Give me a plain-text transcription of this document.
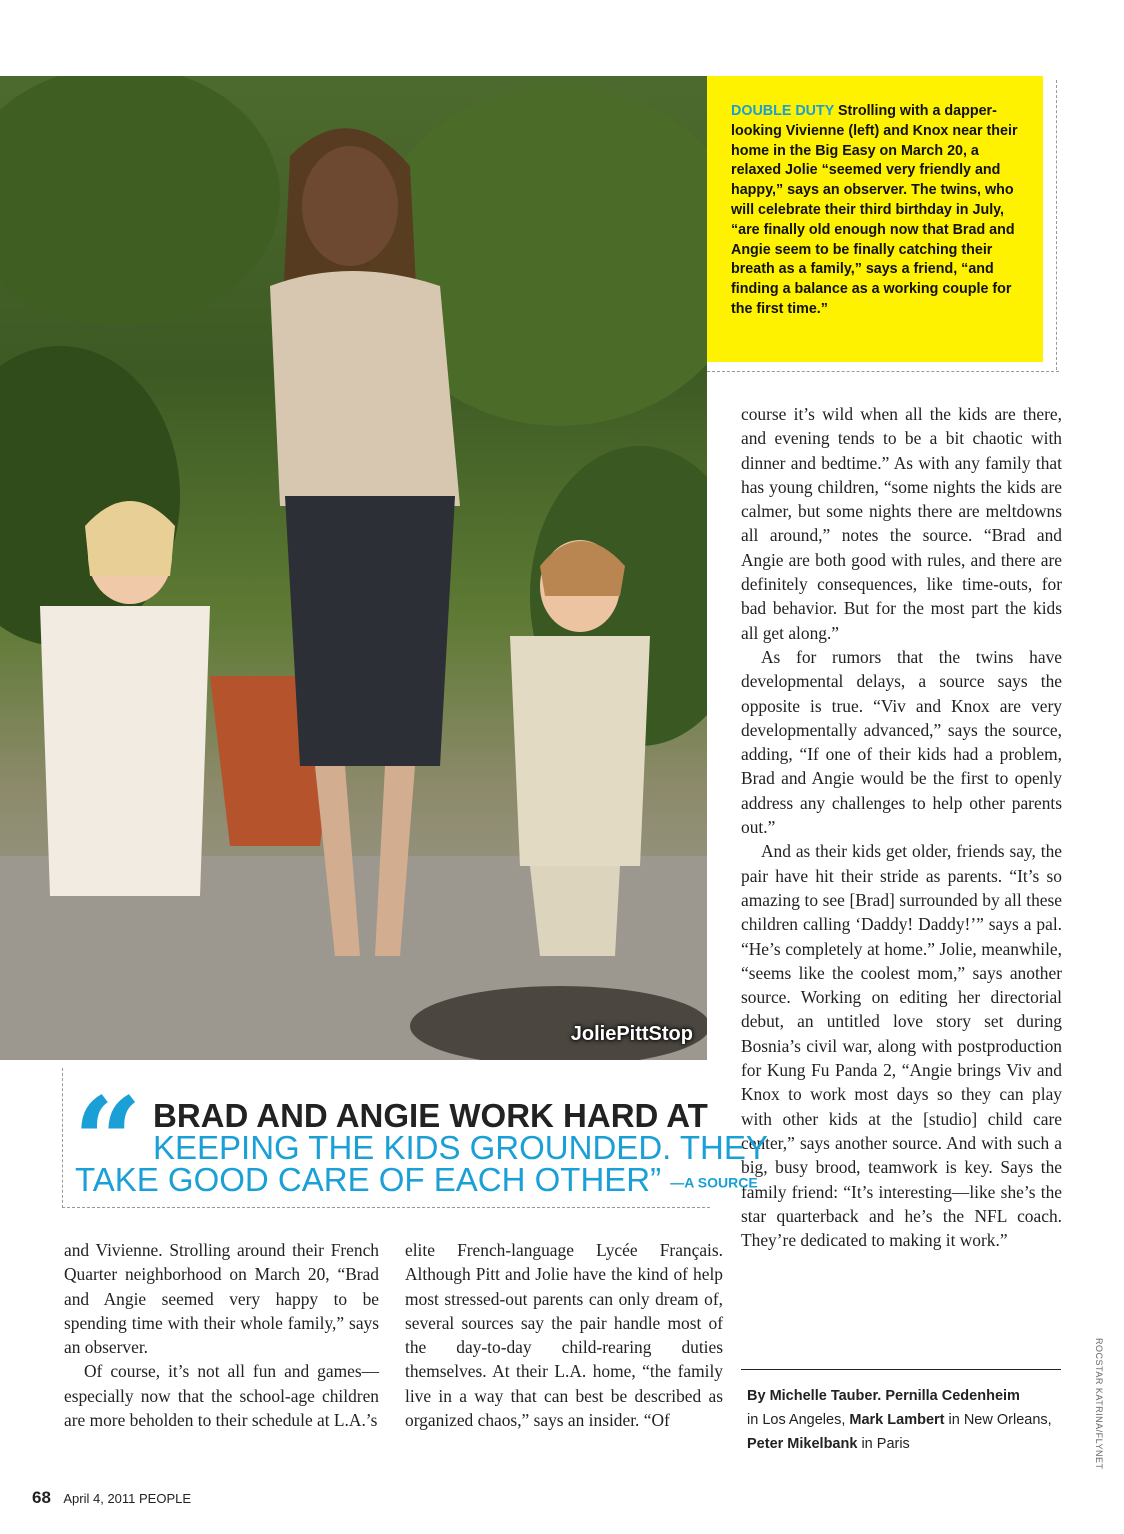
JoliePittStop
DOUBLE DUTY Strolling with a dapper-looking Vivienne (left) and Knox near their home in the Big Easy on March 20, a relaxed Jolie “seemed very friendly and happy,” says an observer. The twins, who will celebrate their third birthday in July, “are finally old enough now that Brad and Angie seem to be finally catching their breath as a family,” says a friend, “and finding a balance as a working couple for the first time.”

course it’s wild when all the kids are there, and evening tends to be a bit chaotic with dinner and bedtime.” As with any family that has young children, “some nights the kids are calmer, but some nights there are meltdowns all around,” notes the source. “Brad and Angie are both good with rules, and there are definitely consequences, like time-outs, for bad behavior. But for the most part the kids all get along.”

As for rumors that the twins have developmental delays, a source says the opposite is true. “Viv and Knox are very developmentally advanced,” says the source, adding, “If one of their kids had a problem, Brad and Angie would be the first to openly address any challenges to help other parents out.”

And as their kids get older, friends say, the pair have hit their stride as parents. “It’s so amazing to see [Brad] surrounded by all these children calling ‘Daddy! Daddy!’” says a pal. “He’s completely at home.” Jolie, meanwhile, “seems like the coolest mom,” says another source. Working on editing her directorial debut, an untitled love story set during Bosnia’s civil war, along with postproduction for Kung Fu Panda 2, “Angie brings Viv and Knox to work most days so they can play with other kids at the [studio] child care center,” says another source. And with such a big, busy brood, teamwork is key. Says the family friend: “It’s interesting—like she’s the star quarterback and he’s the NFL coach. They’re dedicated to making it work.”

“ BRAD AND ANGIE WORK HARD AT
KEEPING THE KIDS GROUNDED. THEY
TAKE GOOD CARE OF EACH OTHER” —A SOURCE

and Vivienne. Strolling around their French Quarter neighborhood on March 20, “Brad and Angie seemed very happy to be spending time with their whole family,” says an observer.

Of course, it’s not all fun and games—especially now that the school-age children are more beholden to their schedule at L.A.’s

elite French-language Lycée Français. Although Pitt and Jolie have the kind of help most stressed-out parents can only dream of, several sources say the pair handle most of the day-to-day child-rearing duties themselves. At their L.A. home, “the family live in a way that can best be described as organized chaos,” says an insider. “Of

By Michelle Tauber. Pernilla Cedenheim
in Los Angeles, Mark Lambert in New Orleans, Peter Mikelbank in Paris
68 April 4, 2011 PEOPLE
ROCSTAR KATRINA/FLYNET
